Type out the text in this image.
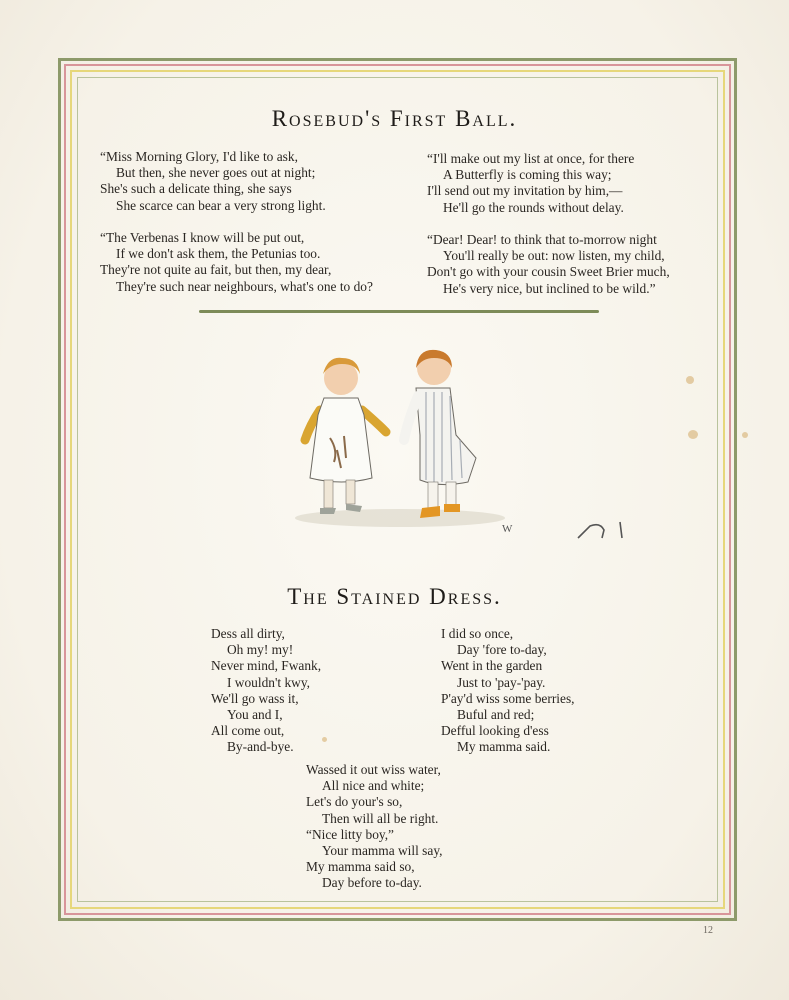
Rosebud's First Ball.
“Miss Morning Glory, I'd like to ask,
But then, she never goes out at night;
She's such a delicate thing, she says
She scarce can bear a very strong light.
“The Verbenas I know will be put out,
If we don't ask them, the Petunias too.
They're not quite au fait, but then, my dear,
They're such near neighbours, what's one to do?
“I'll make out my list at once, for there
A Butterfly is coming this way;
I'll send out my invitation by him,—
He'll go the rounds without delay.
“Dear! Dear! to think that to-morrow night
You'll really be out: now listen, my child,
Don't go with your cousin Sweet Brier much,
He's very nice, but inclined to be wild.”
W
The Stained Dress.
Dess all dirty,
Oh my! my!
Never mind, Fwank,
I wouldn't kwy,
We'll go wass it,
You and I,
All come out,
By-and-bye.
I did so once,
Day 'fore to-day,
Went in the garden
Just to 'pay-'pay.
P'ay'd wiss some berries,
Buful and red;
Defful looking d'ess
My mamma said.
Wassed it out wiss water,
All nice and white;
Let's do your's so,
Then will all be right.
“Nice litty boy,”
Your mamma will say,
My mamma said so,
Day before to-day.
12
